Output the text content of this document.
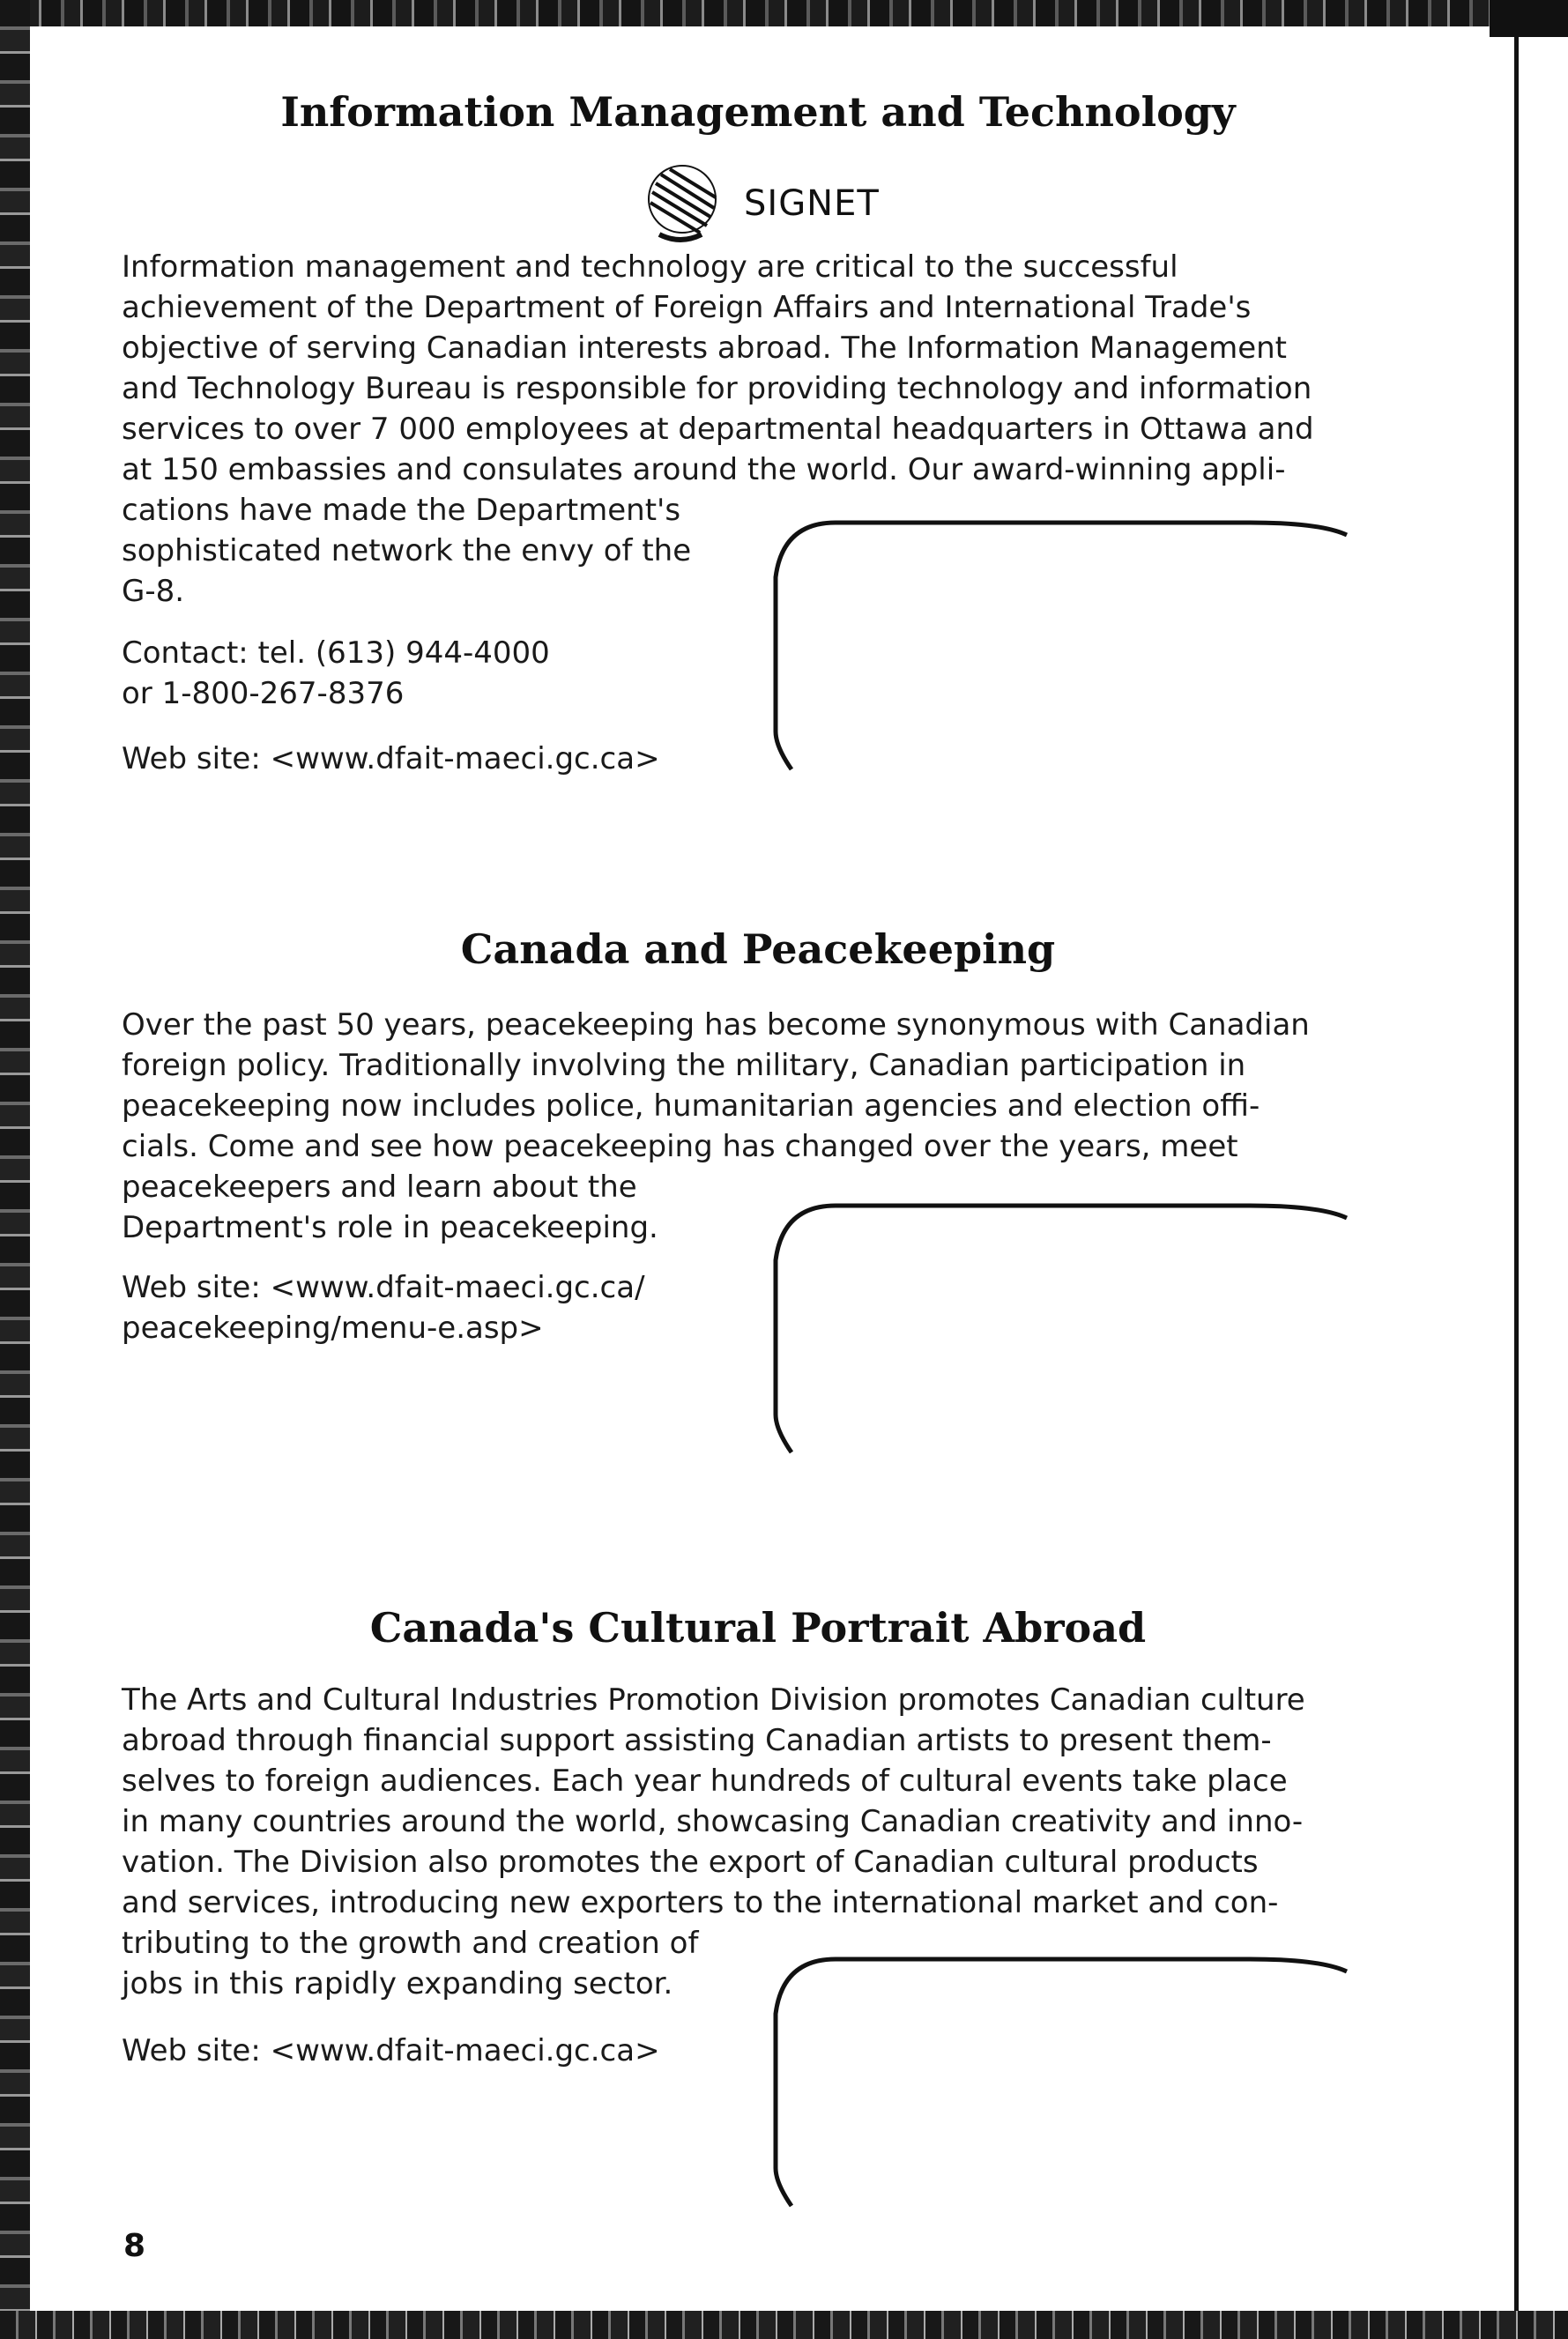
Information Management and Technology
SIGNET

Information management and technology are critical to the successful
achievement of the Department of Foreign Affairs and International Trade's
objective of serving Canadian interests abroad. The Information Management
and Technology Bureau is responsible for providing technology and information
services to over 7 000 employees at departmental headquarters in Ottawa and
at 150 embassies and consulates around the world. Our award-winning appli-
cations have made the Department's
sophisticated network the envy of the
G-8.

Contact: tel. (613) 944-4000
or 1-800-267-8376

Web site: <www.dfait-maeci.gc.ca>

Canada and Peacekeeping

Over the past 50 years, peacekeeping has become synonymous with Canadian
foreign policy. Traditionally involving the military, Canadian participation in
peacekeeping now includes police, humanitarian agencies and election offi-
cials. Come and see how peacekeeping has changed over the years, meet
peacekeepers and learn about the
Department's role in peacekeeping.

Web site: <www.dfait-maeci.gc.ca/
peacekeeping/menu-e.asp>

Canada's Cultural Portrait Abroad

The Arts and Cultural Industries Promotion Division promotes Canadian culture
abroad through financial support assisting Canadian artists to present them-
selves to foreign audiences. Each year hundreds of cultural events take place
in many countries around the world, showcasing Canadian creativity and inno-
vation. The Division also promotes the export of Canadian cultural products
and services, introducing new exporters to the international market and con-
tributing to the growth and creation of
jobs in this rapidly expanding sector.

Web site: <www.dfait-maeci.gc.ca>

8
